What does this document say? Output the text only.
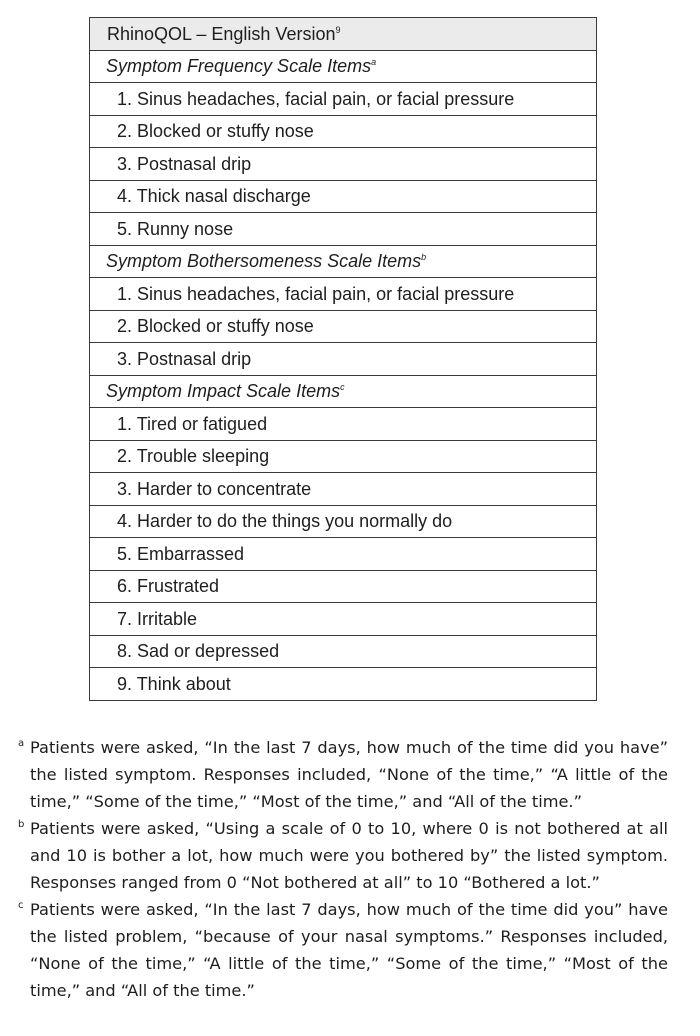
RhinoQOL – English Version$^9$
Symptom Frequency Scale Items$^a$
1. Sinus headaches, facial pain, or facial pressure
2. Blocked or stuffy nose
3. Postnasal drip
4. Thick nasal discharge
5. Runny nose
Symptom Bothersomeness Scale Items$^b$
1. Sinus headaches, facial pain, or facial pressure
2. Blocked or stuffy nose
3. Postnasal drip
Symptom Impact Scale Items$^c$
1. Tired or fatigued
2. Trouble sleeping
3. Harder to concentrate
4. Harder to do the things you normally do
5. Embarrassed
6. Frustrated
7. Irritable
8. Sad or depressed
9. Think about
a Patients were asked, “In the last 7 days, how much of the time did you have” the listed symptom. Responses included, “None of the time,” “A little of the time,” “Some of the time,” “Most of the time,” and “All of the time.”
b Patients were asked, “Using a scale of 0 to 10, where 0 is not bothered at all and 10 is bother a lot, how much were you bothered by” the listed symptom. Responses ranged from 0 “Not bothered at all” to 10 “Bothered a lot.”
c Patients were asked, “In the last 7 days, how much of the time did you” have the listed problem, “because of your nasal symptoms.” Responses included, “None of the time,” “A little of the time,” “Some of the time,” “Most of the time,” and “All of the time.”
